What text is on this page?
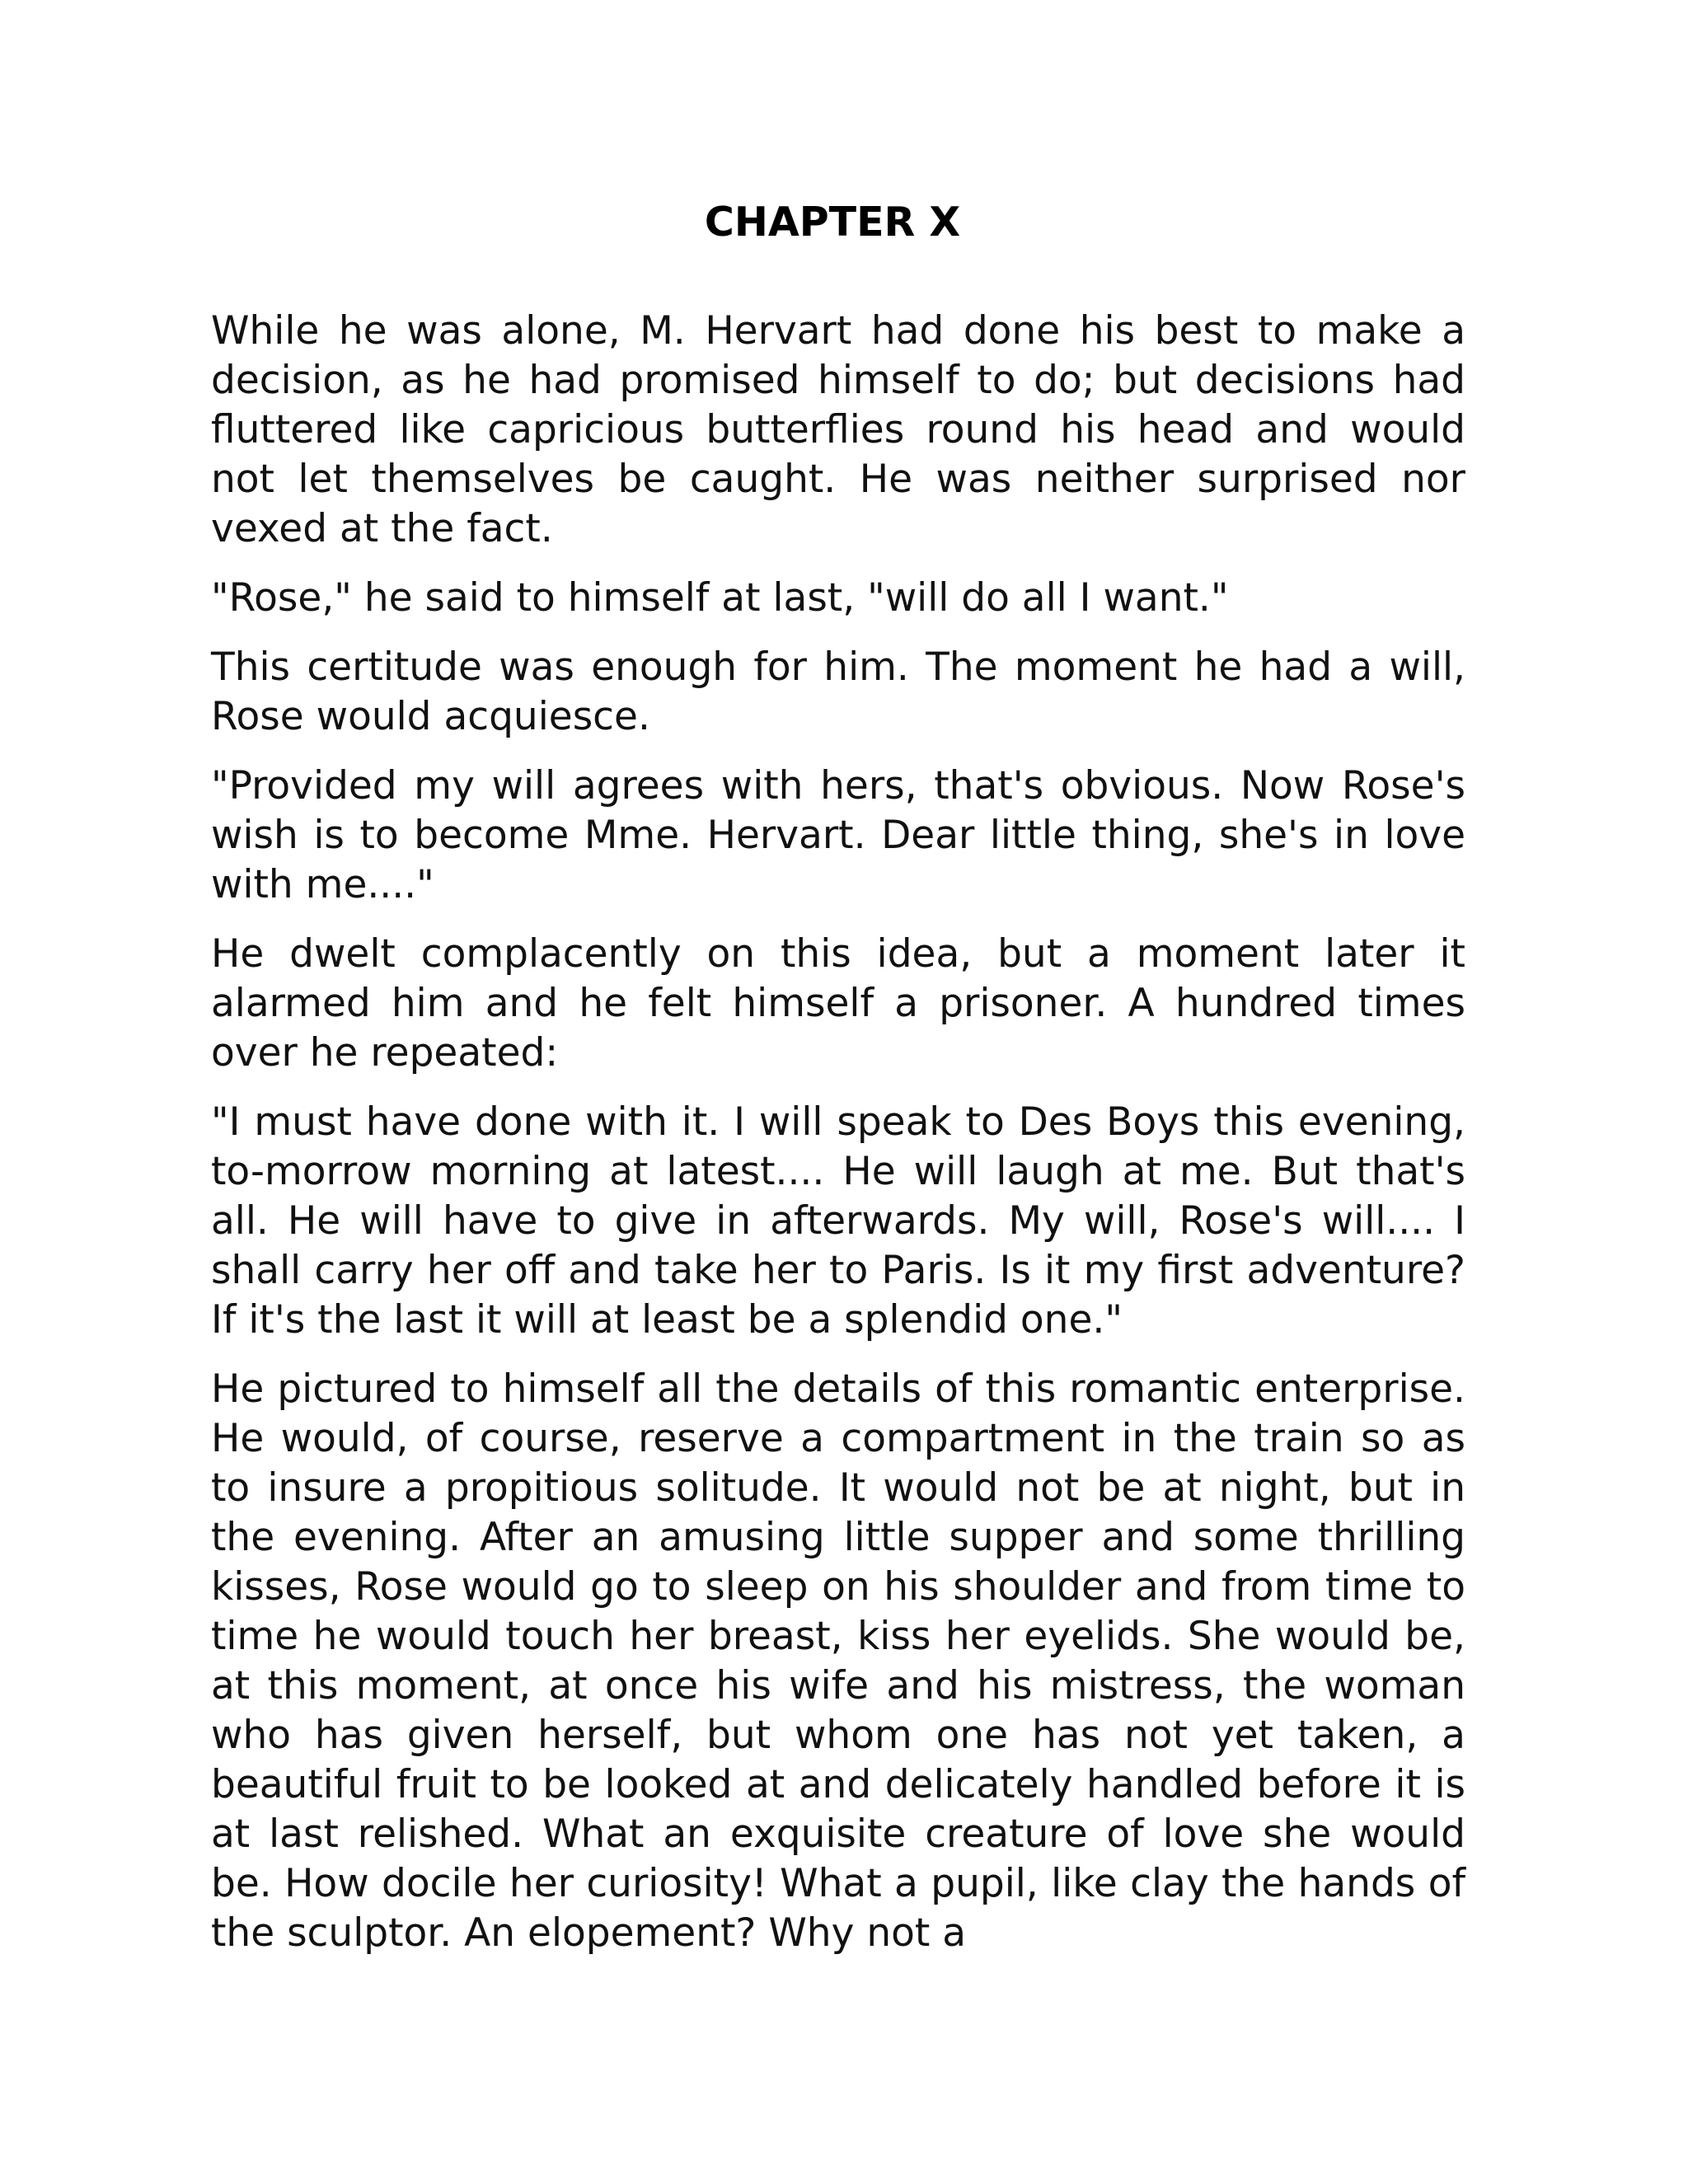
CHAPTER X

While he was alone, M. Hervart had done his best to make a decision, as he had promised himself to do; but decisions had fluttered like capricious butterflies round his head and would not let themselves be caught. He was neither surprised nor vexed at the fact.

"Rose," he said to himself at last, "will do all I want."

This certitude was enough for him. The moment he had a will, Rose would acquiesce.

"Provided my will agrees with hers, that's obvious. Now Rose's wish is to become Mme. Hervart. Dear little thing, she's in love with me...."

He dwelt complacently on this idea, but a moment later it alarmed him and he felt himself a prisoner. A hundred times over he repeated:

"I must have done with it. I will speak to Des Boys this evening, to-morrow morning at latest.... He will laugh at me. But that's all. He will have to give in afterwards. My will, Rose's will.... I shall carry her off and take her to Paris. Is it my first adventure? If it's the last it will at least be a splendid one."

He pictured to himself all the details of this romantic enterprise. He would, of course, reserve a compartment in the train so as to insure a propitious solitude. It would not be at night, but in the evening. After an amusing little supper and some thrilling kisses, Rose would go to sleep on his shoulder and from time to time he would touch her breast, kiss her eyelids. She would be, at this moment, at once his wife and his mistress, the woman who has given herself, but whom one has not yet taken, a beautiful fruit to be looked at and delicately handled before it is at last relished. What an exquisite creature of love she would be. How docile her curiosity! What a pupil, like clay the hands of the sculptor. An elopement? Why not a
